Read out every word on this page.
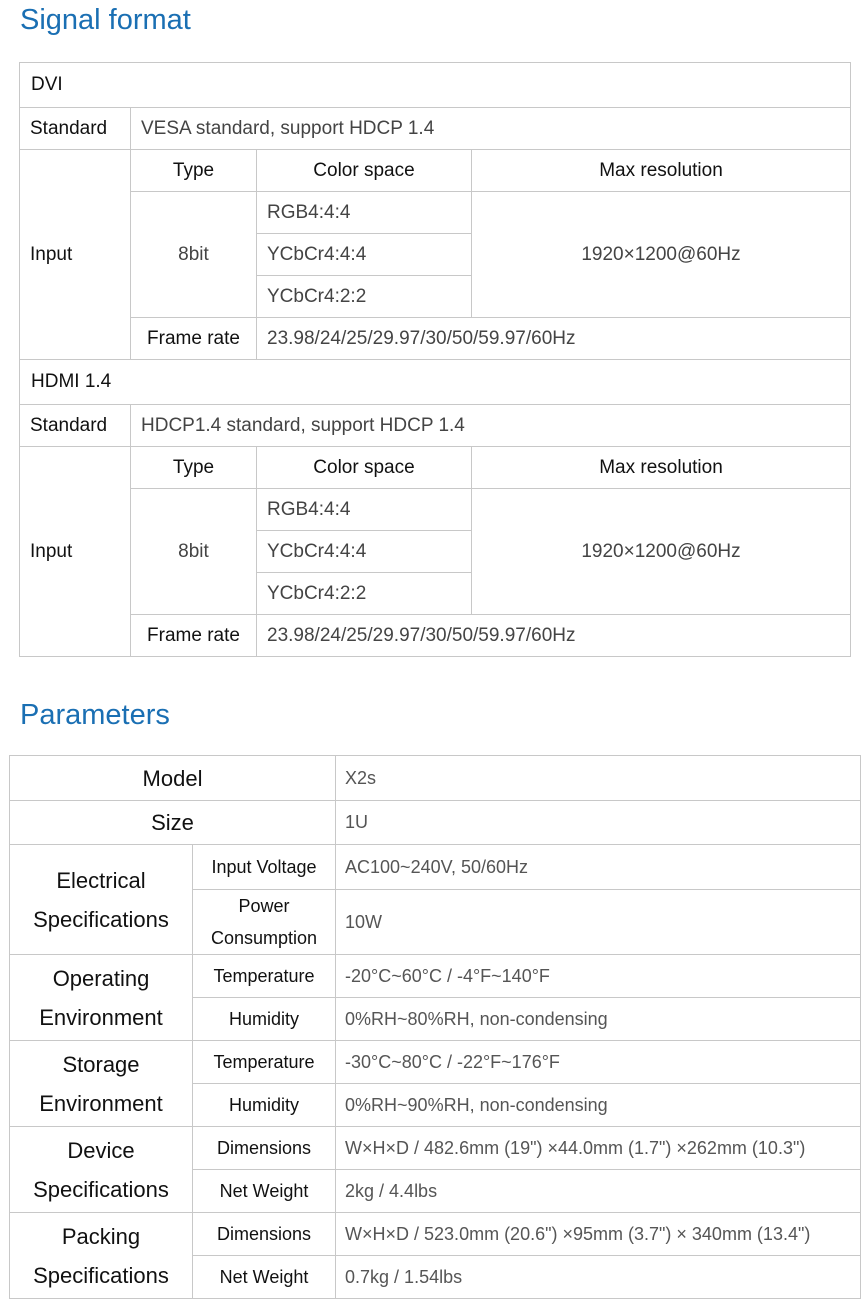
Signal format
DVI			
Standard	VESA standard, support HDCP 1.4		
Input	Type	Color space	Max resolution
	8bit	RGB4:4:4	1920×1200@60Hz
		YCbCr4:4:4	
		YCbCr4:2:2	
	Frame rate	23.98/24/25/29.97/30/50/59.97/60Hz	
HDMI 1.4			
Standard	HDCP1.4 standard, support HDCP 1.4		
Input	Type	Color space	Max resolution
	8bit	RGB4:4:4	1920×1200@60Hz
		YCbCr4:4:4	
		YCbCr4:2:2	
	Frame rate	23.98/24/25/29.97/30/50/59.97/60Hz	
Parameters
Model		X2s
Size		1U

Electrical
Specifications	Input Voltage	AC100~240V, 50/60Hz

	Power
Consumption	10W

Operating
Environment	Temperature	-20°C~60°C / -4°F~140°F
	Humidity	0%RH~80%RH, non-condensing

Storage
Environment	Temperature	-30°C~80°C / -22°F~176°F
	Humidity	0%RH~90%RH, non-condensing

Device
Specifications	Dimensions	W×H×D / 482.6mm (19") ×44.0mm (1.7") ×262mm (10.3")
	Net Weight	2kg / 4.4lbs

Packing
Specifications	Dimensions	W×H×D / 523.0mm (20.6") ×95mm (3.7") × 340mm (13.4")
	Net Weight	0.7kg / 1.54lbs
